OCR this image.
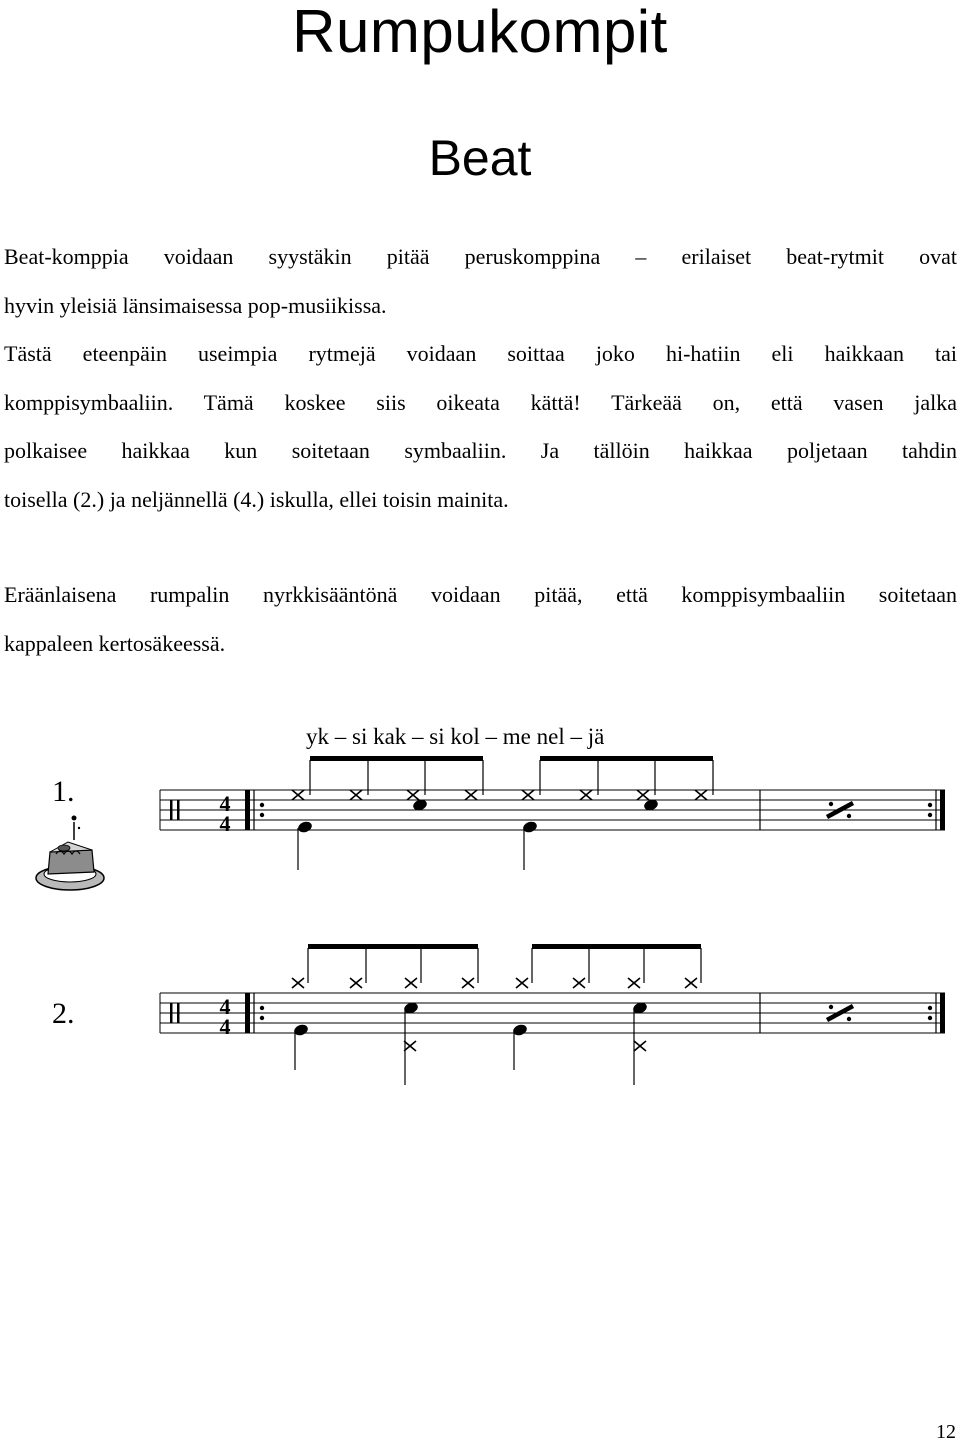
Rumpukompit
Beat
Beat-komppia voidaan syystäkin pitää peruskomppina – erilaiset beat-rytmit ovat
hyvin yleisiä länsimaisessa pop-musiikissa.
Tästä eteenpäin useimpia rytmejä voidaan soittaa joko hi-hatiin eli haikkaan tai
komppisymbaaliin. Tämä koskee siis oikeata kättä! Tärkeää on, että vasen jalka
polkaisee haikkaa kun soitetaan symbaaliin. Ja tällöin haikkaa poljetaan tahdin
toisella (2.) ja neljännellä (4.) iskulla, ellei toisin mainita.
Eräänlaisena rumpalin nyrkkisääntönä voidaan pitää, että komppisymbaaliin soitetaan
kappaleen kertosäkeessä.
yk – si kak – si kol – me nel – jä
1.
2.
4
4
4
4
12
